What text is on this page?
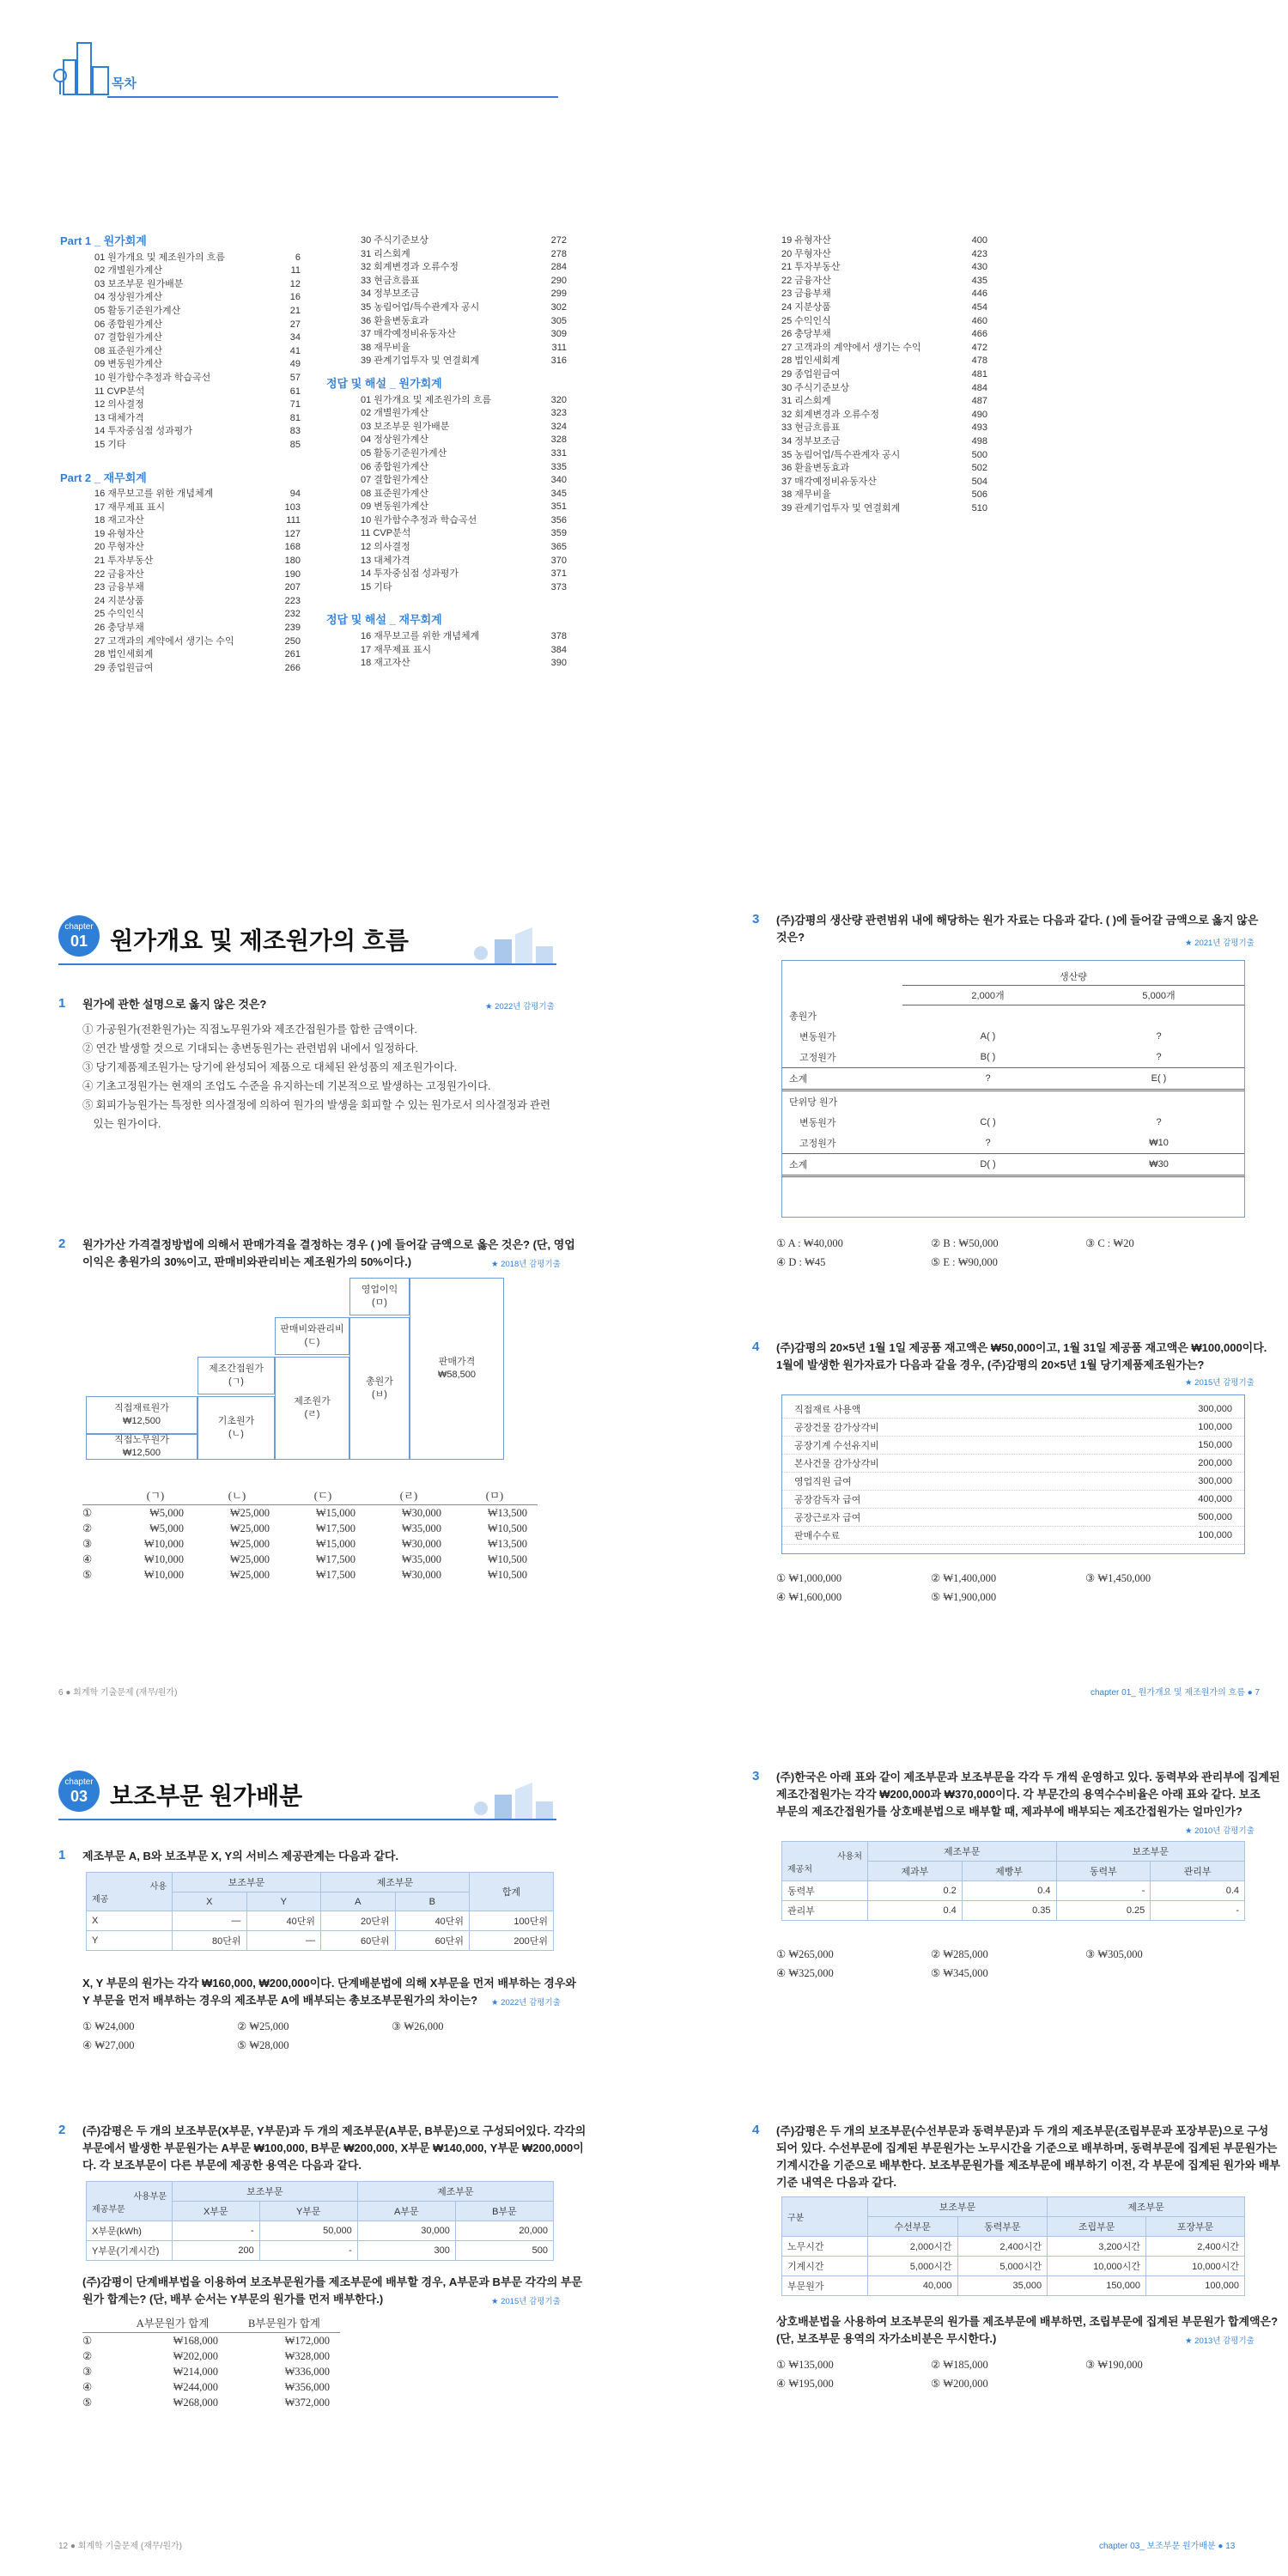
목차
Part 1 _ 원가회계
01 원가개요 및 제조원가의 흐름	6
02 개별원가계산	11
03 보조부문 원가배분	12
04 정상원가계산	16
05 활동기준원가계산	21
06 종합원가계산	27
07 결합원가계산	34
08 표준원가계산	41
09 변동원가계산	49
10 원가함수추정과 학습곡선	57
11 CVP분석	61
12 의사결정	71
13 대체가격	81
14 투자중심점 성과평가	83
15 기타	85
Part 2 _ 재무회계
16 재무보고를 위한 개념체계	94
17 재무제표 표시	103
18 재고자산	111
19 유형자산	127
20 무형자산	168
21 투자부동산	180
22 금융자산	190
23 금융부채	207
24 지분상품	223
25 수익인식	232
26 충당부채	239
27 고객과의 계약에서 생기는 수익	250
28 법인세회계	261
29 종업원급여	266
30 주식기준보상	272
31 리스회계	278
32 회계변경과 오류수정	284
33 현금흐름표	290
34 정부보조금	299
35 농림어업/특수관계자 공시	302
36 환율변동효과	305
37 매각예정비유동자산	309
38 재무비율	311
39 관계기업투자 및 연결회계	316
정답 및 해설 _ 원가회계
01 원가개요 및 제조원가의 흐름	320
02 개별원가계산	323
03 보조부문 원가배분	324
04 정상원가계산	328
05 활동기준원가계산	331
06 종합원가계산	335
07 결합원가계산	340
08 표준원가계산	345
09 변동원가계산	351
10 원가함수추정과 학습곡선	356
11 CVP분석	359
12 의사결정	365
13 대체가격	370
14 투자중심점 성과평가	371
15 기타	373
정답 및 해설 _ 재무회계
16 재무보고를 위한 개념체계	378
17 재무제표 표시	384
18 재고자산	390
19 유형자산	400
20 무형자산	423
21 투자부동산	430
22 금융자산	435
23 금융부채	446
24 지분상품	454
25 수익인식	460
26 충당부채	466
27 고객과의 계약에서 생기는 수익	472
28 법인세회계	478
29 종업원급여	481
30 주식기준보상	484
31 리스회계	487
32 회계변경과 오류수정	490
33 현금흐름표	493
34 정부보조금	498
35 농림어업/특수관계자 공시	500
36 환율변동효과	502
37 매각예정비유동자산	504
38 재무비율	506
39 관계기업투자 및 연결회계	510
chapter
01 원가개요 및 제조원가의 흐름
1 원가에 관한 설명으로 옳지 않은 것은?	★ 2022년 감평기출
① 가공원가(전환원가)는 직접노무원가와 제조간접원가를 합한 금액이다.
② 연간 발생할 것으로 기대되는 총변동원가는 관련범위 내에서 일정하다.
③ 당기제품제조원가는 당기에 완성되어 제품으로 대체된 완성품의 제조원가이다.
④ 기초고정원가는 현재의 조업도 수준을 유지하는데 기본적으로 발생하는 고정원가이다.
⑤ 회피가능원가는 특정한 의사결정에 의하여 원가의 발생을 회피할 수 있는 원가로서 의사결정과 관련
있는 원가이다.
2 원가가산 가격결정방법에 의해서 판매가격을 결정하는 경우 ( )에 들어갈 금액으로 옳은 것은? (단, 영업
이익은 총원가의 30%이고, 판매비와관리비는 제조원가의 50%이다.)	★ 2018년 감평기출
영업이익
(ㅁ)
판매비와관리비
(ㄷ)
제조간접원가
(ㄱ)
직접재료원가
₩12,500
직접노무원가
₩12,500
기초원가
(ㄴ)
제조원가
(ㄹ)
총원가
(ㅂ)
판매가격
₩58,500
	(ㄱ)	(ㄴ)	(ㄷ)	(ㄹ)	(ㅁ)
①	₩5,000	₩25,000	₩15,000	₩30,000	₩13,500
②	₩5,000	₩25,000	₩17,500	₩35,000	₩10,500
③	₩10,000	₩25,000	₩15,000	₩30,000	₩13,500
④	₩10,000	₩25,000	₩17,500	₩35,000	₩10,500
⑤	₩10,000	₩25,000	₩17,500	₩30,000	₩10,500
3 (주)감평의 생산량 관련범위 내에 해당하는 원가 자료는 다음과 같다. ( )에 들어갈 금액으로 옳지 않은
것은?	★ 2021년 감평기출
	생산량	
	2,000개	5,000개
총원가		
변동원가	A( )	?
고정원가	B( )	?
소계	?	E( )
단위당 원가		
변동원가	C( )	?
고정원가	?	₩10
소계	D( )	₩30
① A : ₩40,000	② B : ₩50,000	③ C : ₩20
④ D : ₩45	⑤ E : ₩90,000
4 (주)감평의 20×5년 1월 1일 제공품 재고액은 ₩50,000이고, 1월 31일 제공품 재고액은 ₩100,000이다.
1월에 발생한 원가자료가 다음과 같을 경우, (주)감평의 20×5년 1월 당기제품제조원가는?
★ 2015년 감평기출
직접재료 사용액	300,000
공장건물 감가상각비	100,000
공장기계 수선유지비	150,000
본사건물 감가상각비	200,000
영업직원 급여	300,000
공장감독자 급여	400,000
공장근로자 급여	500,000
판매수수료	100,000
① ₩1,000,000	② ₩1,400,000	③ ₩1,450,000
④ ₩1,600,000	⑤ ₩1,900,000
6 ● 회계학 기출문제 (재무/원가)	chapter 01_ 원가개요 및 제조원가의 흐름 ● 7
chapter
03 보조부문 원가배분
1 제조부문 A, B와 보조부문 X, Y의 서비스 제공관계는 다음과 같다.
사용
제공	보조부문		제조부문		합계
	X	Y	A	B	
X	—	40단위	20단위	40단위	100단위
Y	80단위	—	60단위	60단위	200단위
X, Y 부문의 원가는 각각 ₩160,000, ₩200,000이다. 단계배분법에 의해 X부문을 먼저 배부하는 경우와
Y 부문을 먼저 배부하는 경우의 제조부문 A에 배부되는 총보조부문원가의 차이는? ★ 2022년 감평기출
① ₩24,000	② ₩25,000	③ ₩26,000
④ ₩27,000	⑤ ₩28,000
2 (주)감평은 두 개의 보조부문(X부문, Y부문)과 두 개의 제조부문(A부문, B부문)으로 구성되어있다. 각각의
부문에서 발생한 부문원가는 A부문 ₩100,000, B부문 ₩200,000, X부문 ₩140,000, Y부문 ₩200,000이
다. 각 보조부문이 다른 부문에 제공한 용역은 다음과 같다.
사용부문
제공부문	보조부문		제조부문	
	X부문	Y부문	A부문	B부문
X부문(kWh)	-	50,000	30,000	20,000
Y부문(기계시간)	200	-	300	500
(주)감평이 단계배부법을 이용하여 보조부문원가를 제조부문에 배부할 경우, A부문과 B부문 각각의 부문
원가 합계는? (단, 배부 순서는 Y부문의 원가를 먼저 배부한다.)	★ 2015년 감평기출
	A부문원가 합계	B부문원가 합계
①	₩168,000	₩172,000
②	₩202,000	₩328,000
③	₩214,000	₩336,000
④	₩244,000	₩356,000
⑤	₩268,000	₩372,000
3 (주)한국은 아래 표와 같이 제조부문과 보조부문을 각각 두 개씩 운영하고 있다. 동력부와 관리부에 집계된
제조간접원가는 각각 ₩200,000과 ₩370,000이다. 각 부문간의 용역수수비율은 아래 표와 같다. 보조
부문의 제조간접원가를 상호배분법으로 배부할 때, 제과부에 배부되는 제조간접원가는 얼마인가?
★ 2010년 감평기출
사용처
제공처	제조부문		보조부문	
	제과부	제빵부	동력부	관리부
동력부	0.2	0.4	-	0.4
관리부	0.4	0.35	0.25	-
① ₩265,000	② ₩285,000	③ ₩305,000
④ ₩325,000	⑤ ₩345,000
4 (주)감평은 두 개의 보조부문(수선부문과 동력부문)과 두 개의 제조부문(조립부문과 포장부문)으로 구성
되어 있다. 수선부문에 집계된 부문원가는 노무시간을 기준으로 배부하며, 동력부문에 집계된 부문원가는
기계시간을 기준으로 배부한다. 보조부문원가를 제조부문에 배부하기 이전, 각 부문에 집계된 원가와 배부
기준 내역은 다음과 같다.
구분	보조부문		제조부문	
	수선부문	동력부문	조립부문	포장부문
노무시간	2,000시간	2,400시간	3,200시간	2,400시간
기계시간	5,000시간	5,000시간	10,000시간	10,000시간
부문원가	40,000	35,000	150,000	100,000
상호배분법을 사용하여 보조부문의 원가를 제조부문에 배부하면, 조립부문에 집계된 부문원가 합계액은?
(단, 보조부문 용역의 자가소비분은 무시한다.)	★ 2013년 감평기출
① ₩135,000	② ₩185,000	③ ₩190,000
④ ₩195,000	⑤ ₩200,000
12 ● 회계학 기출문제 (재무/원가)	chapter 03_ 보조부문 원가배분 ● 13
